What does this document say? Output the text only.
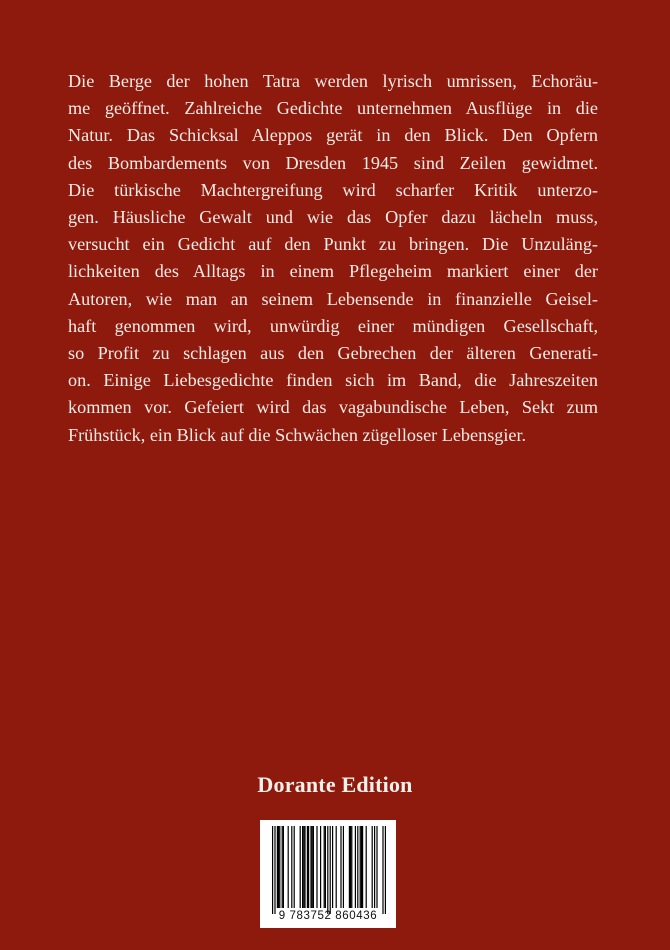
Die Berge der hohen Tatra werden lyrisch umrissen, Echoräu-
me geöffnet. Zahlreiche Gedichte unternehmen Ausflüge in die
Natur. Das Schicksal Aleppos gerät in den Blick. Den Opfern
des Bombardements von Dresden 1945 sind Zeilen gewidmet.
Die türkische Machtergreifung wird scharfer Kritik unterzo-
gen. Häusliche Gewalt und wie das Opfer dazu lächeln muss,
versucht ein Gedicht auf den Punkt zu bringen. Die Unzuläng-
lichkeiten des Alltags in einem Pflegeheim markiert einer der
Autoren, wie man an seinem Lebensende in finanzielle Geisel-
haft genommen wird, unwürdig einer mündigen Gesellschaft,
so Profit zu schlagen aus den Gebrechen der älteren Generati-
on. Einige Liebesgedichte finden sich im Band, die Jahreszeiten
kommen vor. Gefeiert wird das vagabundische Leben, Sekt zum
Frühstück, ein Blick auf die Schwächen zügelloser Lebensgier.
Dorante Edition
9 783752 860436
